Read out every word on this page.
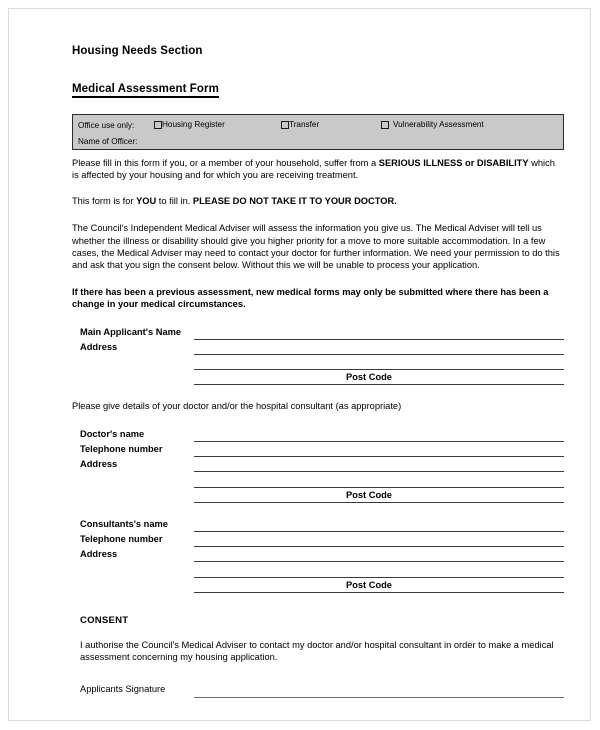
Housing Needs Section
Medical Assessment Form
Office use only:	Housing Register	Transfer	Vulnerability Assessment
Name of Officer:

Please fill in this form if you, or a member of your household, suffer from a SERIOUS ILLNESS or DISABILITY which is affected by your housing and for which you are receiving treatment.

This form is for YOU to fill in. PLEASE DO NOT TAKE IT TO YOUR DOCTOR.

The Council's Independent Medical Adviser will assess the information you give us. The Medical Adviser will tell us whether the illness or disability should give you higher priority for a move to more suitable accommodation. In a few cases, the Medical Adviser may need to contact your doctor for further information. We need your permission to do this and ask that you sign the consent below. Without this we will be unable to process your application.

If there has been a previous assessment, new medical forms may only be submitted where there has been a change in your medical circumstances.

Main Applicant's Name
Address
Post Code

Please give details of your doctor and/or the hospital consultant (as appropriate)

Doctor's name
Telephone number
Address
Post Code
Consultants's name
Telephone number
Address
Post Code
CONSENT

I authorise the Council's Medical Adviser to contact my doctor and/or hospital consultant in order to make a medical assessment concerning my housing application.

Applicants Signature
